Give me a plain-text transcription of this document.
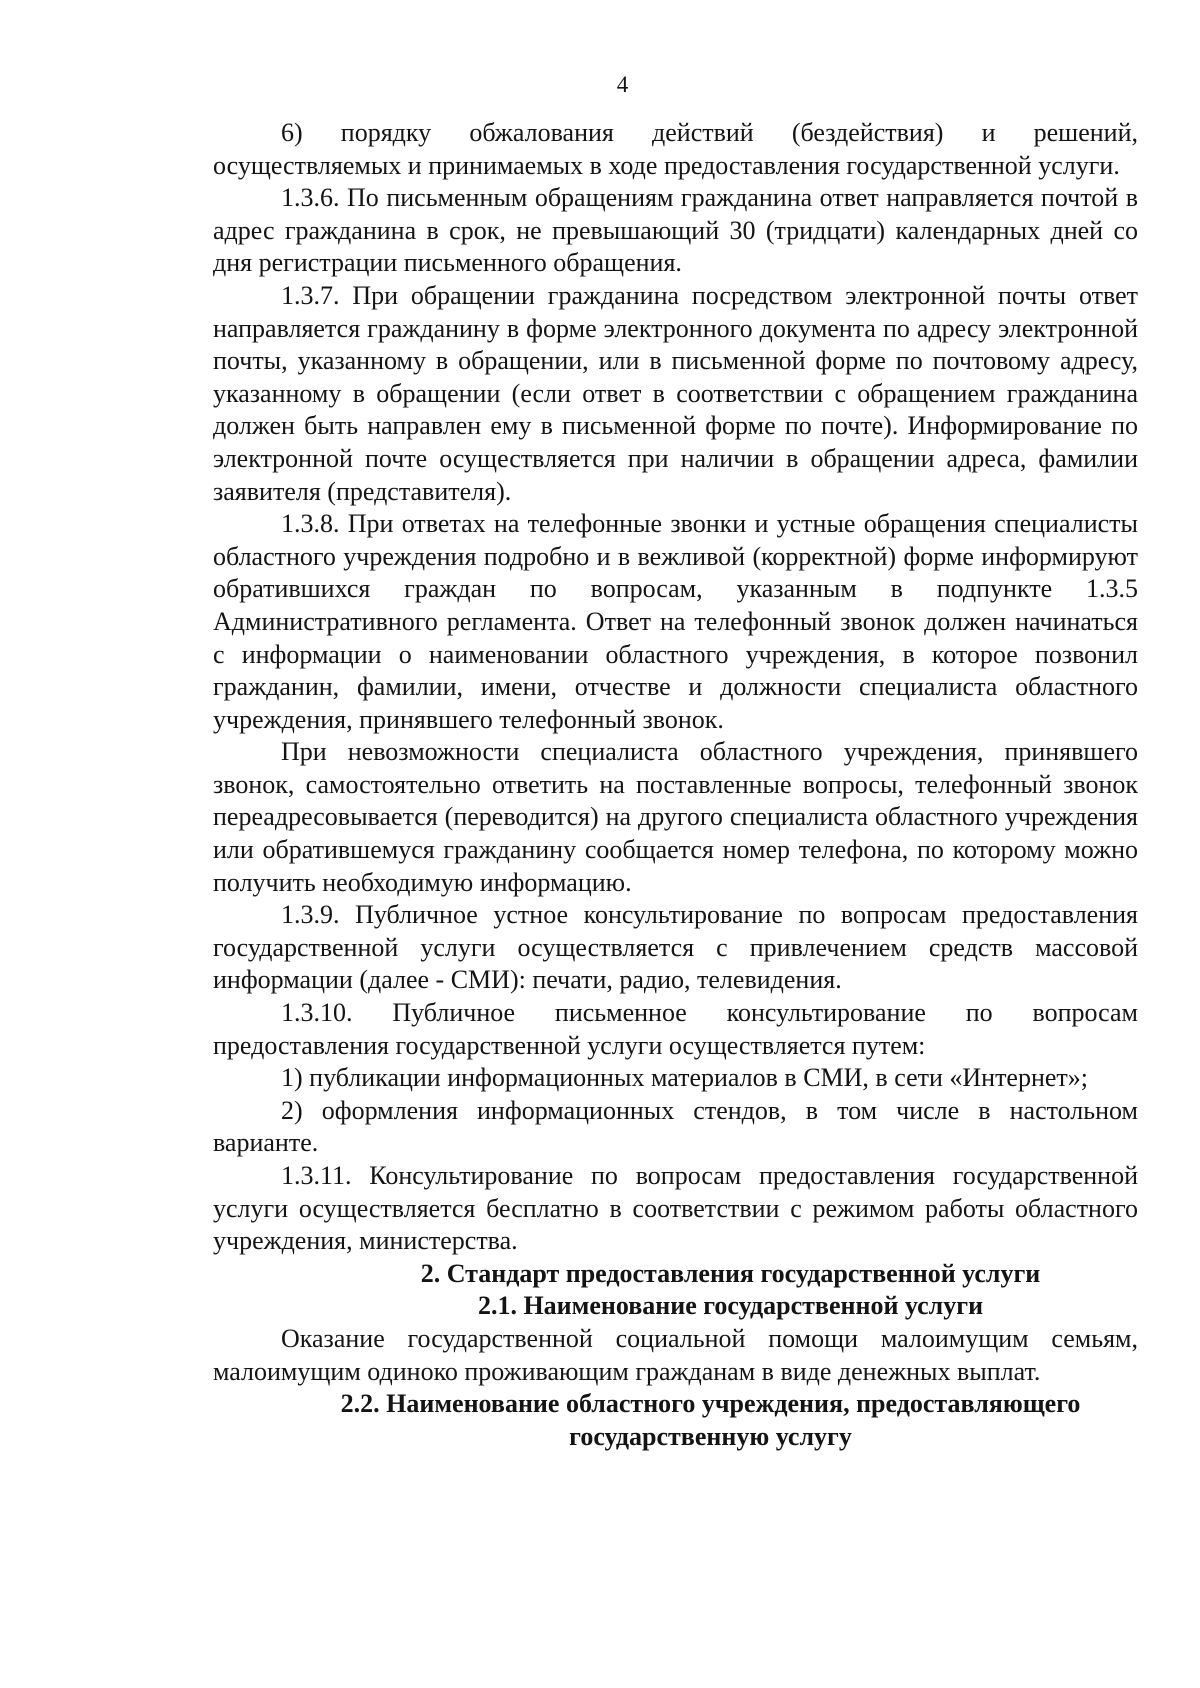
4

6) порядку обжалования действий (бездействия) и решений, осуществляемых и принимаемых в ходе предоставления государственной услуги.

1.3.6. По письменным обращениям гражданина ответ направляется почтой в адрес гражданина в срок, не превышающий 30 (тридцати) календарных дней со дня регистрации письменного обращения.

1.3.7. При обращении гражданина посредством электронной почты ответ направляется гражданину в форме электронного документа по адресу электронной почты, указанному в обращении, или в письменной форме по почтовому адресу, указанному в обращении (если ответ в соответствии с обращением гражданина должен быть направлен ему в письменной форме по почте). Информирование по электронной почте осуществляется при наличии в обращении адреса, фамилии заявителя (представителя).

1.3.8. При ответах на телефонные звонки и устные обращения специалисты областного учреждения подробно и в вежливой (корректной) форме информируют обратившихся граждан по вопросам, указанным в подпункте 1.3.5 Административного регламента. Ответ на телефонный звонок должен начинаться с информации о наименовании областного учреждения, в которое позвонил гражданин, фамилии, имени, отчестве и должности специалиста областного учреждения, принявшего телефонный звонок.

При невозможности специалиста областного учреждения, принявшего звонок, самостоятельно ответить на поставленные вопросы, телефонный звонок переадресовывается (переводится) на другого специалиста областного учреждения или обратившемуся гражданину сообщается номер телефона, по которому можно получить необходимую информацию.

1.3.9. Публичное устное консультирование по вопросам предоставления государственной услуги осуществляется с привлечением средств массовой информации (далее - СМИ): печати, радио, телевидения.

1.3.10. Публичное письменное консультирование по вопросам предоставления государственной услуги осуществляется путем:

1) публикации информационных материалов в СМИ, в сети «Интернет»;

2) оформления информационных стендов, в том числе в настольном варианте.

1.3.11. Консультирование по вопросам предоставления государственной услуги осуществляется бесплатно в соответствии с режимом работы областного учреждения, министерства.

2. Стандарт предоставления государственной услуги

2.1. Наименование государственной услуги

Оказание государственной социальной помощи малоимущим семьям, малоимущим одиноко проживающим гражданам в виде денежных выплат.

2.2. Наименование областного учреждения, предоставляющего

государственную услугу
